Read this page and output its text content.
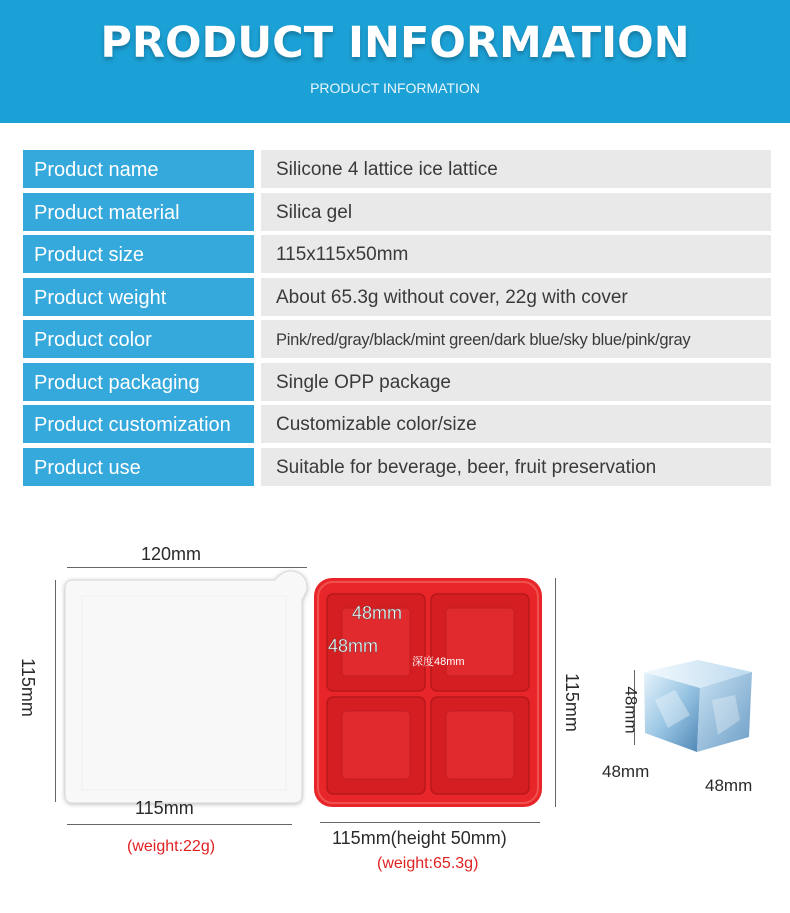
PRODUCT INFORMATION
PRODUCT INFORMATION
Product name	Silicone 4 lattice ice lattice
Product material	Silica gel
Product size	115x115x50mm
Product weight	About 65.3g without cover, 22g with cover
Product color	Pink/red/gray/black/mint green/dark blue/sky blue/pink/gray
Product packaging	Single OPP package
Product customization	Customizable color/size
Product use	Suitable for beverage, beer, fruit preservation
120mm
115mm
115mm
(weight:22g)
48mm
48mm
深度48mm
115mm
115mm(height 50mm)
(weight:65.3g)
48mm
48mm
48mm
